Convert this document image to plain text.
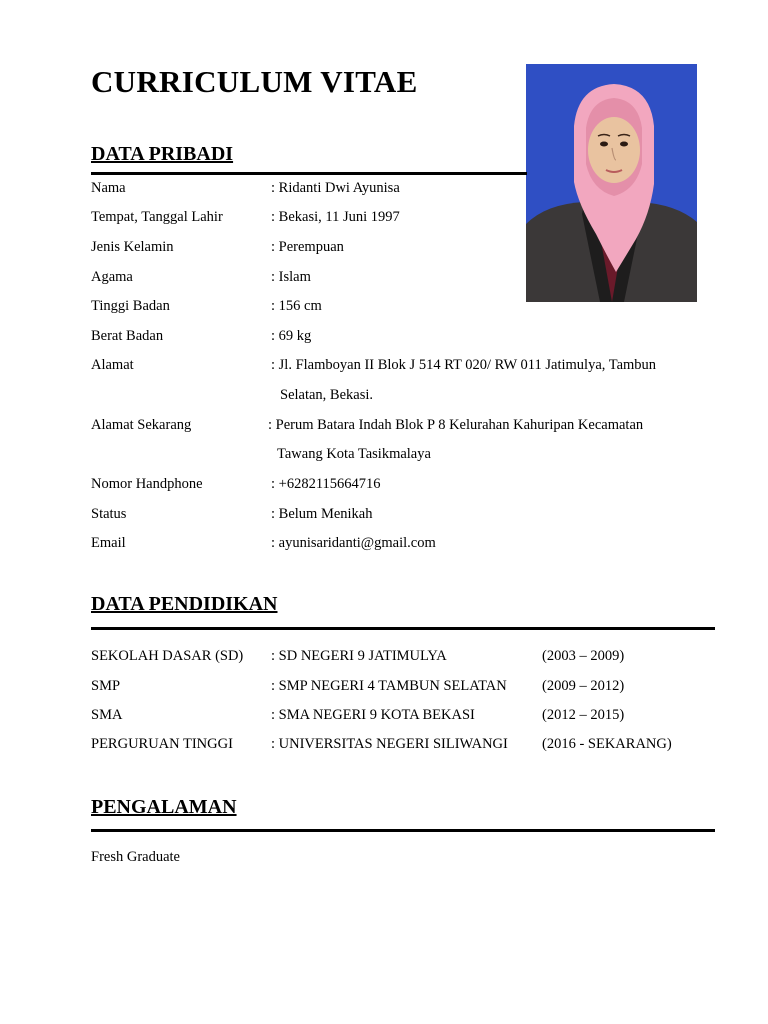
CURRICULUM VITAE
DATA PRIBADI
Nama	: Ridanti Dwi Ayunisa
Tempat, Tanggal Lahir	: Bekasi, 11 Juni 1997
Jenis Kelamin	: Perempuan
Agama	: Islam
Tinggi Badan	: 156 cm
Berat Badan	: 69 kg
Alamat	: Jl. Flamboyan II Blok J 514 RT 020/ RW 011 Jatimulya, Tambun
Selatan, Bekasi.
Alamat Sekarang	: Perum Batara Indah Blok P 8 Kelurahan Kahuripan Kecamatan
Tawang Kota Tasikmalaya
Nomor Handphone	: +6282115664716
Status	: Belum Menikah
Email	: ayunisaridanti@gmail.com
DATA PENDIDIKAN
SEKOLAH DASAR (SD) : SD NEGERI 9 JATIMULYA	(2003 – 2009)
SMP	: SMP NEGERI 4 TAMBUN SELATAN (2009 – 2012)
SMA	: SMA NEGERI 9 KOTA BEKASI	(2012 – 2015)
PERGURUAN TINGGI	: UNIVERSITAS NEGERI SILIWANGI (2016 - SEKARANG)
PENGALAMAN
Fresh Graduate
